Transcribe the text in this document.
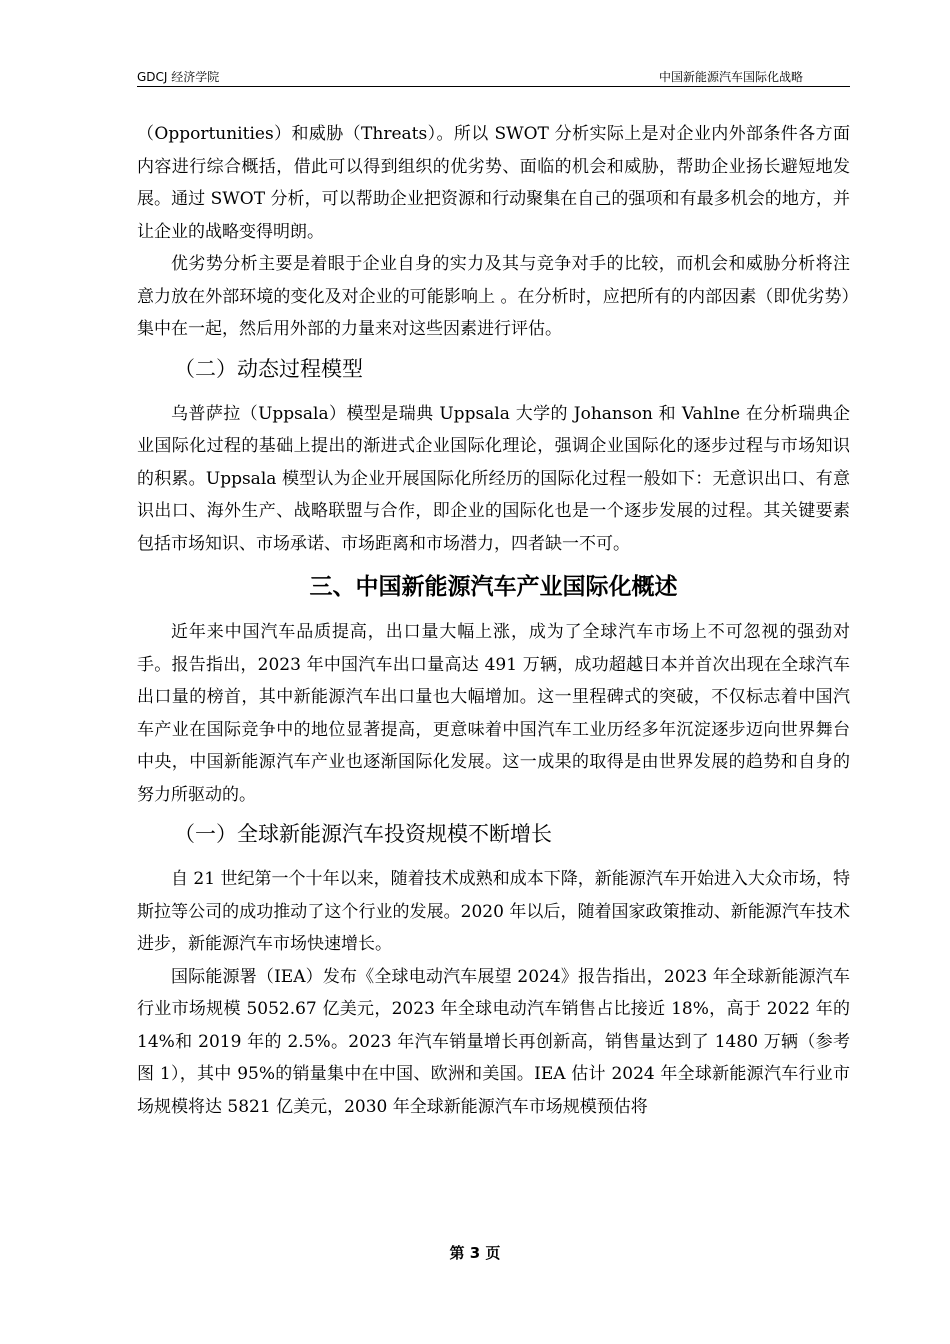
GDCJ 经济学院	中国新能源汽车国际化战略

（Opportunities）和威胁（Threats）。所以 SWOT 分析实际上是对企业内外部条件各方面内容进行综合概括，借此可以得到组织的优劣势、面临的机会和威胁，帮助企业扬长避短地发展。通过 SWOT 分析，可以帮助企业把资源和行动聚集在自己的强项和有最多机会的地方，并让企业的战略变得明朗。

优劣势分析主要是着眼于企业自身的实力及其与竞争对手的比较，而机会和威胁分析将注意力放在外部环境的变化及对企业的可能影响上 。在分析时，应把所有的内部因素（即优劣势）集中在一起，然后用外部的力量来对这些因素进行评估。

（二）动态过程模型

乌普萨拉（Uppsala）模型是瑞典 Uppsala 大学的 Johanson 和 Vahlne 在分析瑞典企业国际化过程的基础上提出的渐进式企业国际化理论，强调企业国际化的逐步过程与市场知识的积累。Uppsala 模型认为企业开展国际化所经历的国际化过程一般如下：无意识出口、有意识出口、海外生产、战略联盟与合作，即企业的国际化也是一个逐步发展的过程。其关键要素包括市场知识、市场承诺、市场距离和市场潜力，四者缺一不可。

三、中国新能源汽车产业国际化概述

近年来中国汽车品质提高，出口量大幅上涨，成为了全球汽车市场上不可忽视的强劲对手。报告指出，2023 年中国汽车出口量高达 491 万辆，成功超越日本并首次出现在全球汽车出口量的榜首，其中新能源汽车出口量也大幅增加。这一里程碑式的突破，不仅标志着中国汽车产业在国际竞争中的地位显著提高，更意味着中国汽车工业历经多年沉淀逐步迈向世界舞台中央，中国新能源汽车产业也逐渐国际化发展。这一成果的取得是由世界发展的趋势和自身的努力所驱动的。

（一）全球新能源汽车投资规模不断增长

自 21 世纪第一个十年以来，随着技术成熟和成本下降，新能源汽车开始进入大众市场，特斯拉等公司的成功推动了这个行业的发展。2020 年以后，随着国家政策推动、新能源汽车技术进步，新能源汽车市场快速增长。

国际能源署（IEA）发布《全球电动汽车展望 2024》报告指出，2023 年全球新能源汽车行业市场规模 5052.67 亿美元，2023 年全球电动汽车销售占比接近 18%，高于 2022 年的 14%和 2019 年的 2.5%。2023 年汽车销量增长再创新高，销售量达到了 1480 万辆（参考图 1），其中 95%的销量集中在中国、欧洲和美国。IEA 估计 2024 年全球新能源汽车行业市场规模将达 5821 亿美元，2030 年全球新能源汽车市场规模预估将

第 3 页
